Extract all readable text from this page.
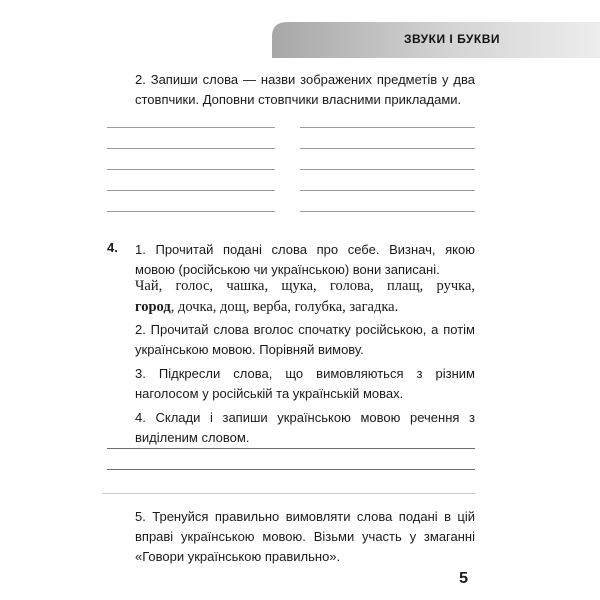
ЗВУКИ І БУКВИ
2. Запиши слова — назви зображених предметів у два стовпчики. Доповни стовпчики власними прикладами.
4. 1. Прочитай подані слова про себе. Визнач, якою мовою (російською чи українською) вони записані.
Чай, голос, чашка, щука, голова, плащ, ручка,
город, дочка, дощ, верба, голубка, загадка.
2. Прочитай слова вголос спочатку російською, а потім українською мовою. Порівняй вимову.
3. Підкресли слова, що вимовляються з різним наголосом у російській та українській мовах.
4. Склади і запиши українською мовою речення з виділеним словом.
5. Тренуйся правильно вимовляти слова подані в цій вправі українською мовою. Візьми участь у змаганні «Говори українською правильно».
5
